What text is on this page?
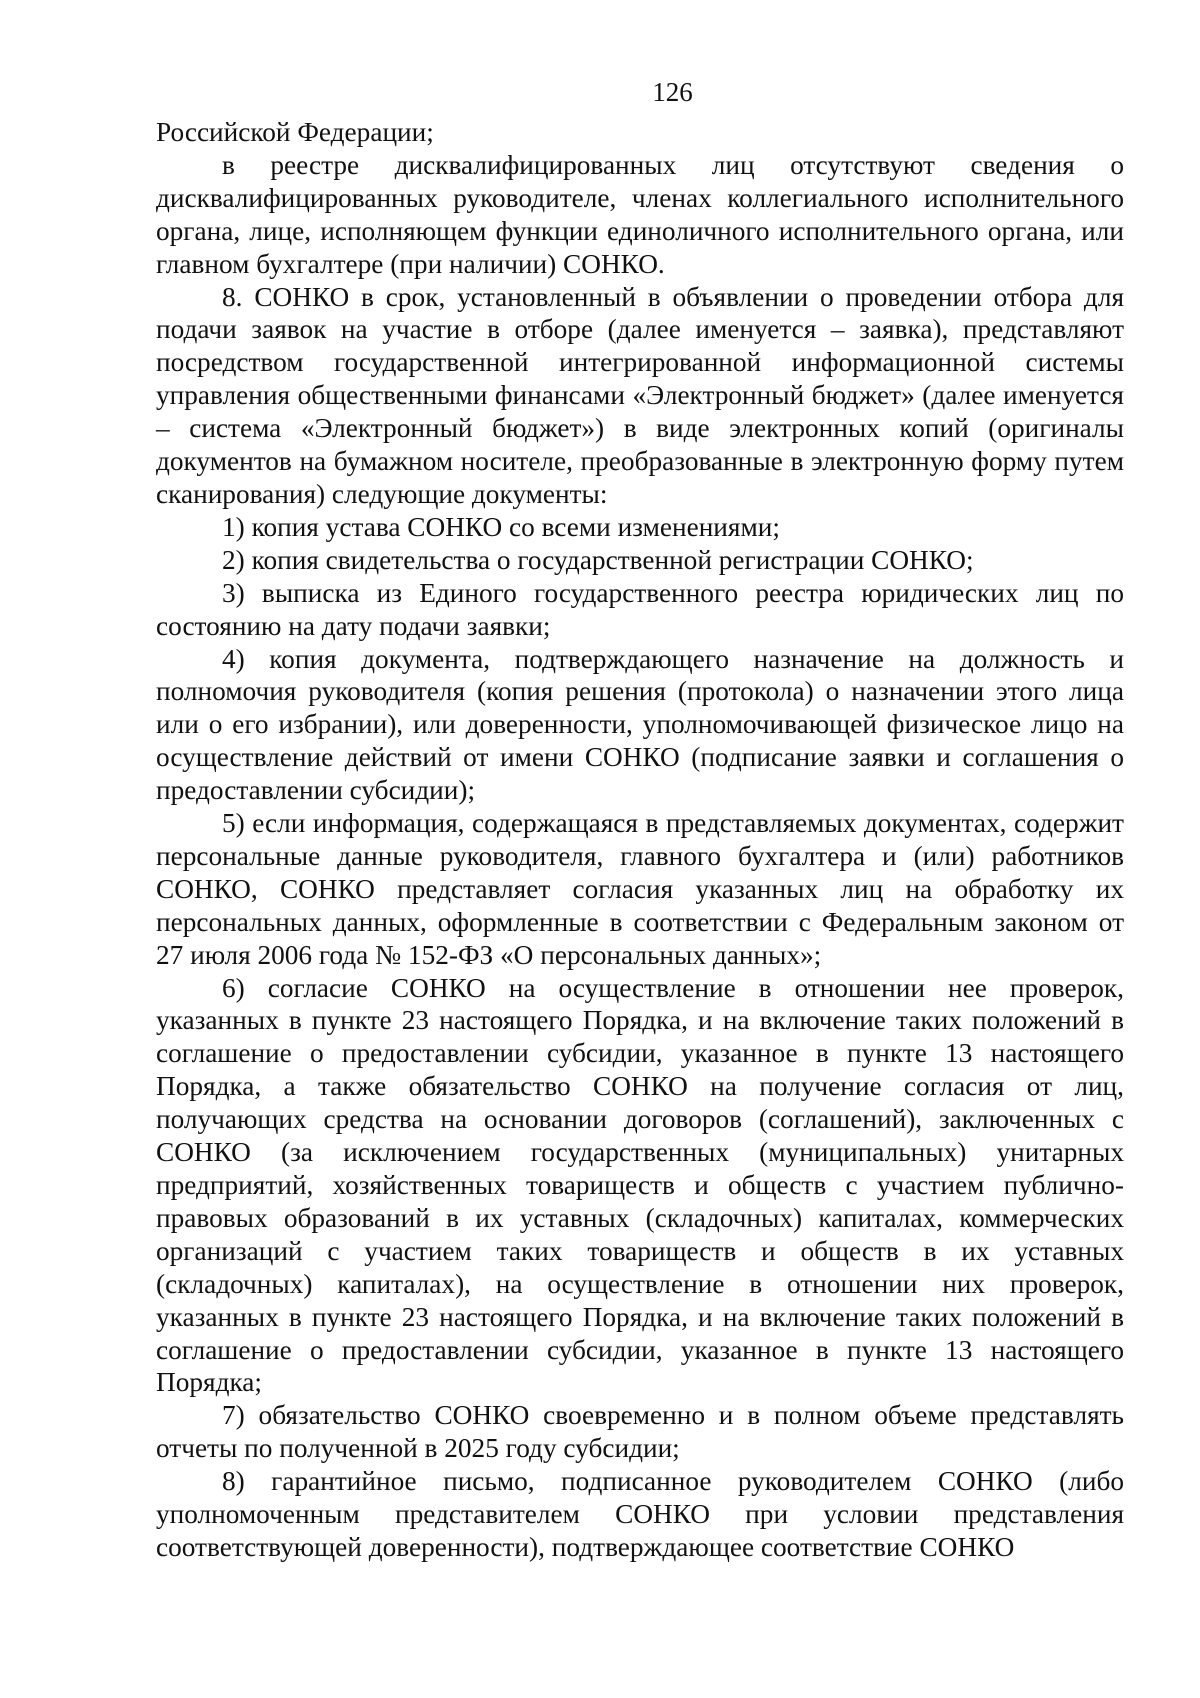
126

Российской Федерации;

в реестре дисквалифицированных лиц отсутствуют сведения о дисквалифицированных руководителе, членах коллегиального исполнительного органа, лице, исполняющем функции единоличного исполнительного органа, или главном бухгалтере (при наличии) СОНКО.

8. СОНКО в срок, установленный в объявлении о проведении отбора для подачи заявок на участие в отборе (далее именуется – заявка), представляют посредством государственной интегрированной информационной системы управления общественными финансами «Электронный бюджет» (далее именуется – система «Электронный бюджет») в виде электронных копий (оригиналы документов на бумажном носителе, преобразованные в электронную форму путем сканирования) следующие документы:

1) копия устава СОНКО со всеми изменениями;

2) копия свидетельства о государственной регистрации СОНКО;

3) выписка из Единого государственного реестра юридических лиц по состоянию на дату подачи заявки;

4) копия документа, подтверждающего назначение на должность и полномочия руководителя (копия решения (протокола) о назначении этого лица или о его избрании), или доверенности, уполномочивающей физическое лицо на осуществление действий от имени СОНКО (подписание заявки и соглашения о предоставлении субсидии);

5) если информация, содержащаяся в представляемых документах, содержит персональные данные руководителя, главного бухгалтера и (или) работников СОНКО, СОНКО представляет согласия указанных лиц на обработку их персональных данных, оформленные в соответствии с Федеральным законом от 27 июля 2006 года № 152-ФЗ «О персональных данных»;

6) согласие СОНКО на осуществление в отношении нее проверок, указанных в пункте 23 настоящего Порядка, и на включение таких положений в соглашение о предоставлении субсидии, указанное в пункте 13 настоящего Порядка, а также обязательство СОНКО на получение согласия от лиц, получающих средства на основании договоров (соглашений), заключенных с СОНКО (за исключением государственных (муниципальных) унитарных предприятий, хозяйственных товариществ и обществ с участием публично-правовых образований в их уставных (складочных) капиталах, коммерческих организаций с участием таких товариществ и обществ в их уставных (складочных) капиталах), на осуществление в отношении них проверок, указанных в пункте 23 настоящего Порядка, и на включение таких положений в соглашение о предоставлении субсидии, указанное в пункте 13 настоящего Порядка;

7) обязательство СОНКО своевременно и в полном объеме представлять отчеты по полученной в 2025 году субсидии;

8) гарантийное письмо, подписанное руководителем СОНКО (либо уполномоченным представителем СОНКО при условии представления соответствующей доверенности), подтверждающее соответствие СОНКО
